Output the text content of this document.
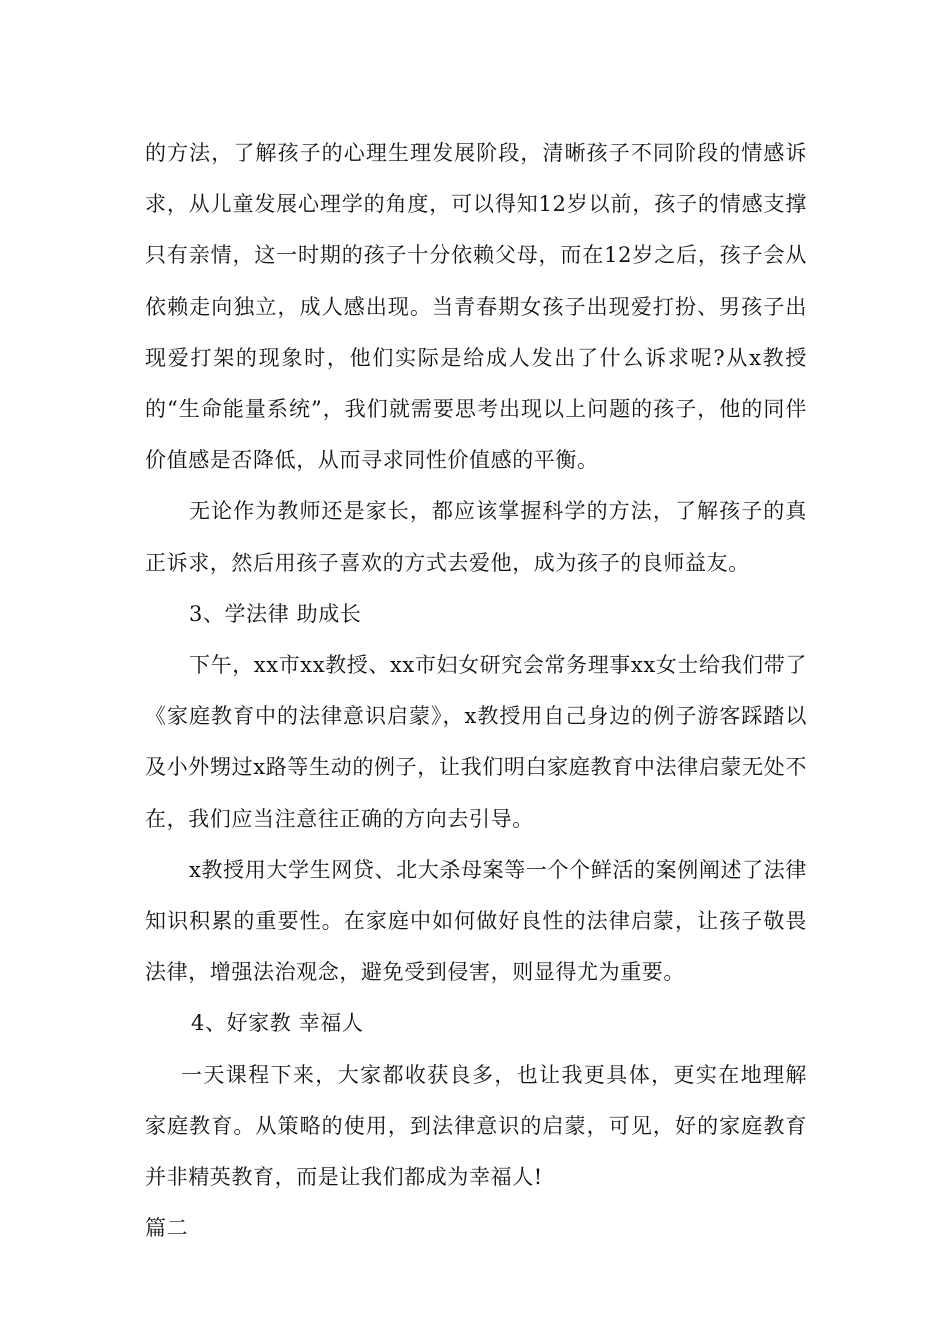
的方法，了解孩子的心理生理发展阶段，清晰孩子不同阶段的情感诉求，从儿童发展心理学的角度，可以得知12岁以前，孩子的情感支撑只有亲情，这一时期的孩子十分依赖父母，而在12岁之后，孩子会从依赖走向独立，成人感出现。当青春期女孩子出现爱打扮、男孩子出现爱打架的现象时，他们实际是给成人发出了什么诉求呢?从x教授的“生命能量系统”，我们就需要思考出现以上问题的孩子，他的同伴价值感是否降低，从而寻求同性价值感的平衡。

无论作为教师还是家长，都应该掌握科学的方法，了解孩子的真正诉求，然后用孩子喜欢的方式去爱他，成为孩子的良师益友。

3、学法律 助成长

下午，xx市xx教授、xx市妇女研究会常务理事xx女士给我们带了《家庭教育中的法律意识启蒙》，x教授用自己身边的例子游客踩踏以及小外甥过x路等生动的例子，让我们明白家庭教育中法律启蒙无处不在，我们应当注意往正确的方向去引导。

x教授用大学生网贷、北大杀母案等一个个鲜活的案例阐述了法律知识积累的重要性。在家庭中如何做好良性的法律启蒙，让孩子敬畏法律，增强法治观念，避免受到侵害，则显得尤为重要。

4、好家教 幸福人

一天课程下来，大家都收获良多，也让我更具体，更实在地理解家庭教育。从策略的使用，到法律意识的启蒙，可见，好的家庭教育并非精英教育，而是让我们都成为幸福人!

篇二
